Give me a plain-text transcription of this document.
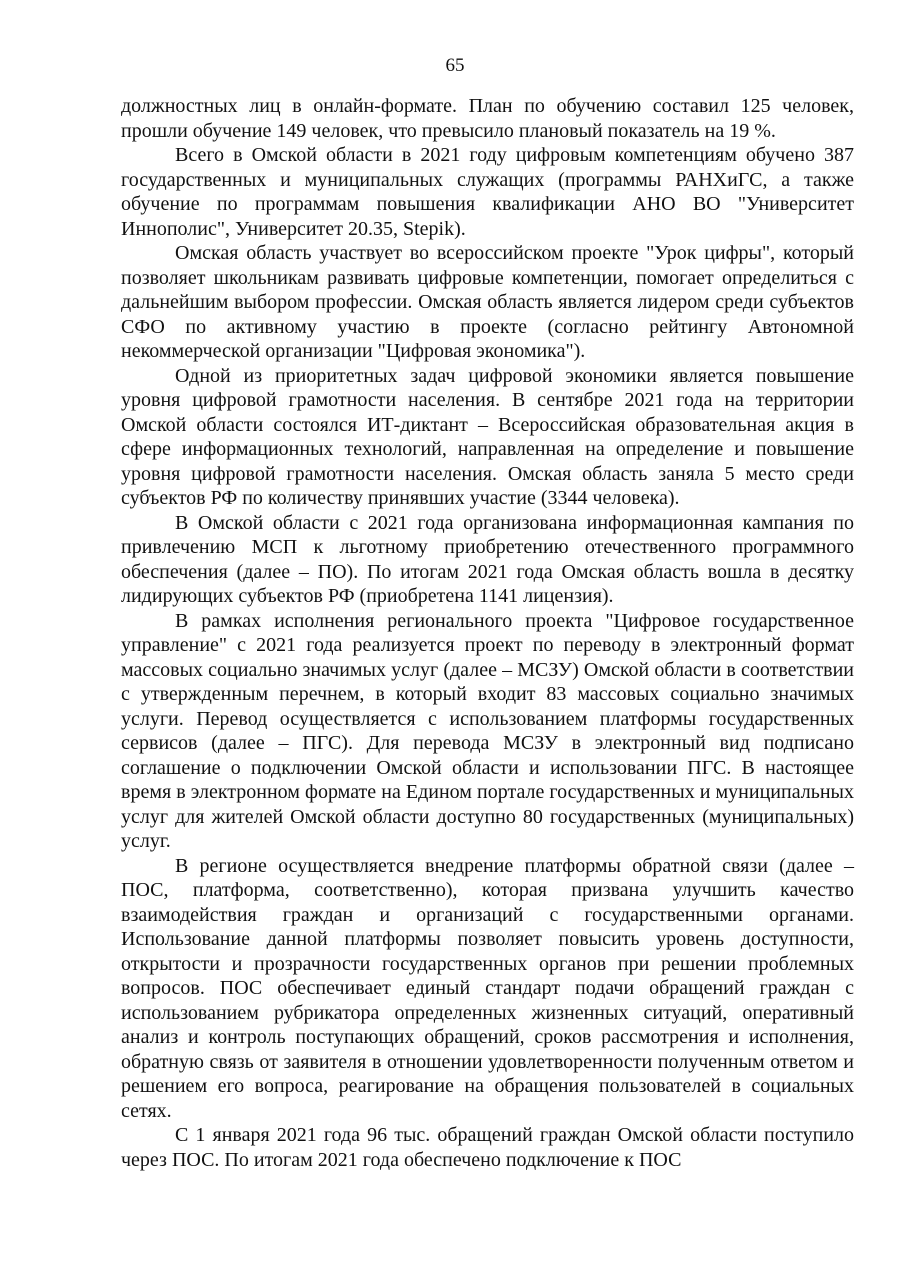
65

должностных лиц в онлайн-формате. План по обучению составил 125 человек, прошли обучение 149 человек, что превысило плановый показатель на 19 %.

Всего в Омской области в 2021 году цифровым компетенциям обучено 387 государственных и муниципальных служащих (программы РАНХиГС, а также обучение по программам повышения квалификации АНО ВО "Университет Иннополис", Университет 20.35, Stepik).

Омская область участвует во всероссийском проекте "Урок цифры", который позволяет школьникам развивать цифровые компетенции, помогает определиться с дальнейшим выбором профессии. Омская область является лидером среди субъектов СФО по активному участию в проекте (согласно рейтингу Автономной некоммерческой организации "Цифровая экономика").

Одной из приоритетных задач цифровой экономики является повышение уровня цифровой грамотности населения. В сентябре 2021 года на территории Омской области состоялся ИТ-диктант – Всероссийская образовательная акция в сфере информационных технологий, направленная на определение и повышение уровня цифровой грамотности населения. Омская область заняла 5 место среди субъектов РФ по количеству принявших участие (3344 человека).

В Омской области с 2021 года организована информационная кампания по привлечению МСП к льготному приобретению отечественного программного обеспечения (далее – ПО). По итогам 2021 года Омская область вошла в десятку лидирующих субъектов РФ (приобретена 1141 лицензия).

В рамках исполнения регионального проекта "Цифровое государственное управление" с 2021 года реализуется проект по переводу в электронный формат массовых социально значимых услуг (далее – МСЗУ) Омской области в соответствии с утвержденным перечнем, в который входит 83 массовых социально значимых услуги. Перевод осуществляется с использованием платформы государственных сервисов (далее – ПГС). Для перевода МСЗУ в электронный вид подписано соглашение о подключении Омской области и использовании ПГС. В настоящее время в электронном формате на Едином портале государственных и муниципальных услуг для жителей Омской области доступно 80 государственных (муниципальных) услуг.

В регионе осуществляется внедрение платформы обратной связи (далее – ПОС, платформа, соответственно), которая призвана улучшить качество взаимодействия граждан и организаций с государственными органами. Использование данной платформы позволяет повысить уровень доступности, открытости и прозрачности государственных органов при решении проблемных вопросов. ПОС обеспечивает единый стандарт подачи обращений граждан с использованием рубрикатора определенных жизненных ситуаций, оперативный анализ и контроль поступающих обращений, сроков рассмотрения и исполнения, обратную связь от заявителя в отношении удовлетворенности полученным ответом и решением его вопроса, реагирование на обращения пользователей в социальных сетях.

С 1 января 2021 года 96 тыс. обращений граждан Омской области поступило через ПОС. По итогам 2021 года обеспечено подключение к ПОС
